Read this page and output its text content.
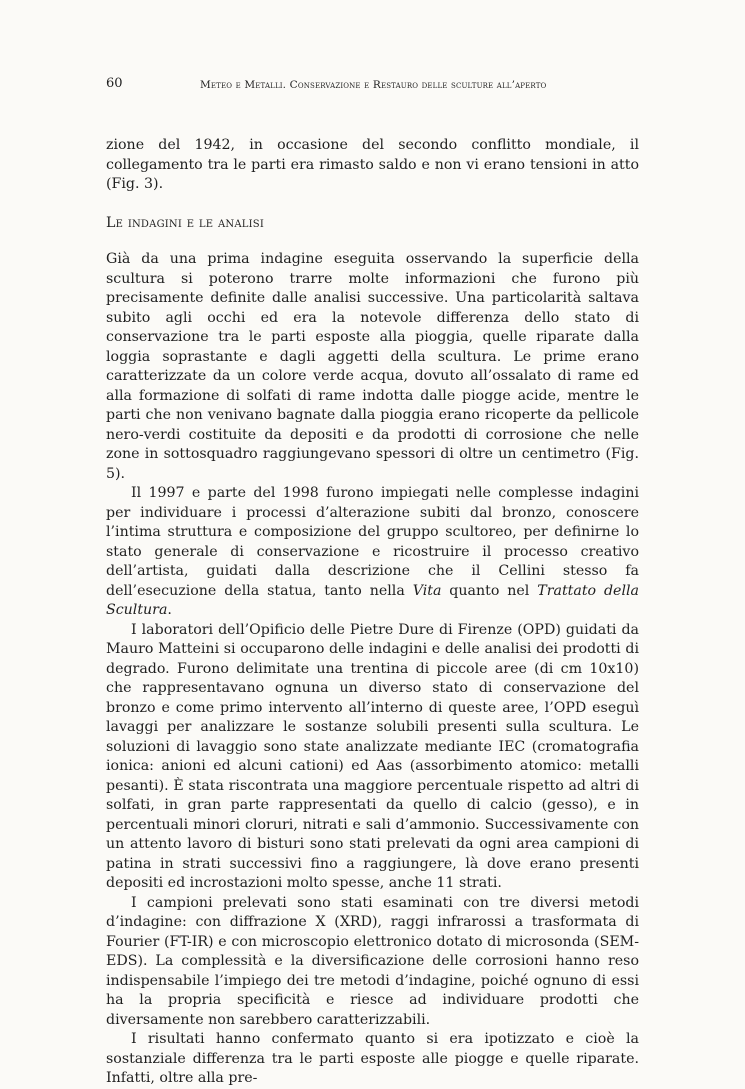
60	Meteo e Metalli. Conservazione e Restauro delle sculture all’aperto

zione del 1942, in occasione del secondo conflitto mondiale, il collegamento tra le parti era rimasto saldo e non vi erano tensioni in atto (Fig. 3).

Le indagini e le analisi

Già da una prima indagine eseguita osservando la superficie della scultura si poterono trarre molte informazioni che furono più precisamente definite dalle analisi successive. Una particolarità saltava subito agli occhi ed era la notevole differenza dello stato di conservazione tra le parti esposte alla pioggia, quelle riparate dalla loggia soprastante e dagli aggetti della scultura. Le prime erano caratterizzate da un colore verde acqua, dovuto all’ossalato di rame ed alla formazione di solfati di rame indotta dalle piogge acide, mentre le parti che non venivano bagnate dalla pioggia erano ricoperte da pellicole nero-verdi costituite da depositi e da prodotti di corrosione che nelle zone in sottosquadro raggiungevano spessori di oltre un centimetro (Fig. 5).

Il 1997 e parte del 1998 furono impiegati nelle complesse indagini per individuare i processi d’alterazione subiti dal bronzo, conoscere l’intima struttura e composizione del gruppo scultoreo, per definirne lo stato generale di conservazione e ricostruire il processo creativo dell’artista, guidati dalla descrizione che il Cellini stesso fa dell’esecuzione della statua, tanto nella Vita quanto nel Trattato della Scultura.

I laboratori dell’Opificio delle Pietre Dure di Firenze (OPD) guidati da Mauro Matteini si occuparono delle indagini e delle analisi dei prodotti di degrado. Furono delimitate una trentina di piccole aree (di cm 10x10) che rappresentavano ognuna un diverso stato di conservazione del bronzo e come primo intervento all’interno di queste aree, l’OPD eseguì lavaggi per analizzare le sostanze solubili presenti sulla scultura. Le soluzioni di lavaggio sono state analizzate mediante IEC (cromatografia ionica: anioni ed alcuni cationi) ed Aas (assorbimento atomico: metalli pesanti). È stata riscontrata una maggiore percentuale rispetto ad altri di solfati, in gran parte rappresentati da quello di calcio (gesso), e in percentuali minori cloruri, nitrati e sali d’ammonio. Successivamente con un attento lavoro di bisturi sono stati prelevati da ogni area campioni di patina in strati successivi fino a raggiungere, là dove erano presenti depositi ed incrostazioni molto spesse, anche 11 strati.

I campioni prelevati sono stati esaminati con tre diversi metodi d’indagine: con diffrazione X (XRD), raggi infrarossi a trasformata di Fourier (FT-IR) e con microscopio elettronico dotato di microsonda (SEM-EDS). La complessità e la diversificazione delle corrosioni hanno reso indispensabile l’impiego dei tre metodi d’indagine, poiché ognuno di essi ha la propria specificità e riesce ad individuare prodotti che diversamente non sarebbero caratterizzabili.

I risultati hanno confermato quanto si era ipotizzato e cioè la sostanziale differenza tra le parti esposte alle piogge e quelle riparate. Infatti, oltre alla pre-
